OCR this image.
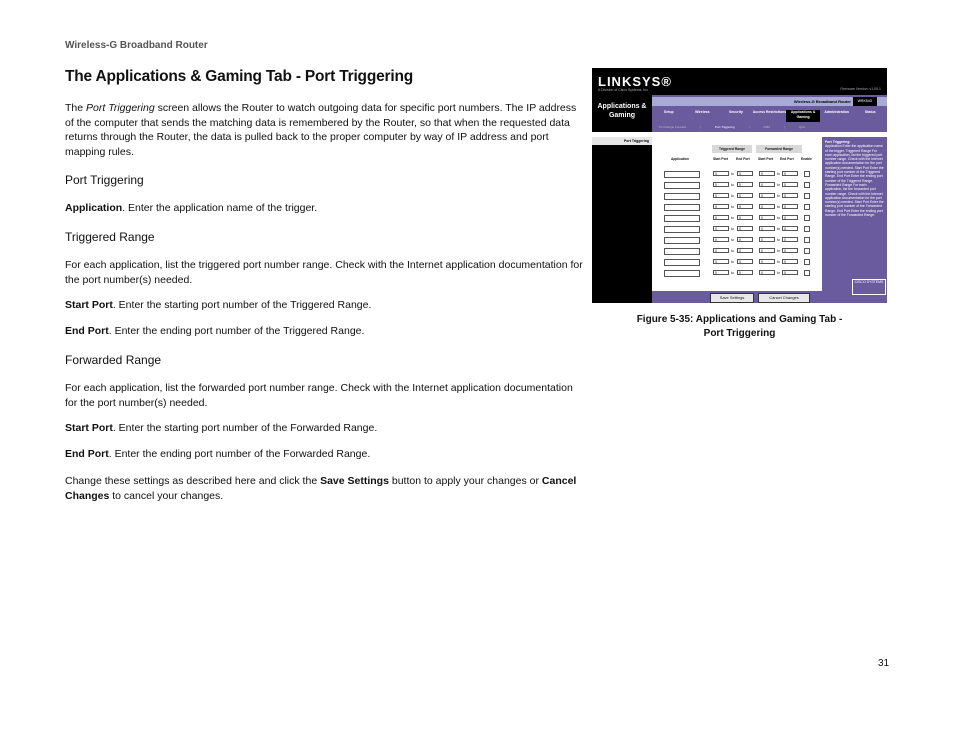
Wireless-G Broadband Router
The Applications & Gaming Tab - Port Triggering

The Port Triggering screen allows the Router to watch outgoing data for specific port numbers. The IP address of the computer that sends the matching data is remembered by the Router, so that when the requested data returns through the Router, the data is pulled back to the proper computer by way of IP address and port mapping rules.

Port Triggering

Application. Enter the application name of the trigger.

Triggered Range
For each application, list the triggered port number range. Check with the Internet application documentation for the port number(s) needed.

Start Port. Enter the starting port number of the Triggered Range.

End Port. Enter the ending port number of the Triggered Range.

Forwarded Range
For each application, list the forwarded port number range. Check with the Internet application documentation for the port number(s) needed.

Start Port. Enter the starting port number of the Forwarded Range.

End Port. Enter the ending port number of the Forwarded Range.

Change these settings as described here and click the Save Settings button to apply your changes or Cancel Changes to cancel your changes.

LINKSYS®
A Division of Cisco Systems, Inc.	Firmware Version: v1.00.1
Applications & Gaming
Wireless-G Broadband Router	WRK54G
Setup	Wireless	Security	Access Restrictions	Applications & Gaming
Administration	Status
Port Range Forward	|	Port Triggering	|	DMZ	|	QoS
Port Triggering
Triggered Range	Forwarded Range
Application	Start Port End Port	Start Port End Port Enable
0	to	0	0	to	0
0	to	0	0	to	0
0	to	0	0	to	0
0	to	0	0	to	0
0	to	0	0	to	0
0	to	0	0	to	0
0	to	0	0	to	0
0	to	0	0	to	0
0	to	0	0	to	0
0	to	0	0	to	0
Save Settings	Cancel Changes
Port Triggering:
Application Enter the application name of the trigger. Triggered Range For each application, list the triggered port number range. Check with the Internet application documentation for the port number(s) needed. Start Port Enter the starting port number of the Triggered Range. End Port Enter the ending port number of the Triggered Range. Forwarded Range For each application, list the forwarded port number range. Check with the Internet application documentation for the port number(s) needed. Start Port Enter the starting port number of the Forwarded Range. End Port Enter the ending port number of the Forwarded Range.
CISCO SYSTEMS
Figure 5-35: Applications and Gaming Tab -
Port Triggering
31
